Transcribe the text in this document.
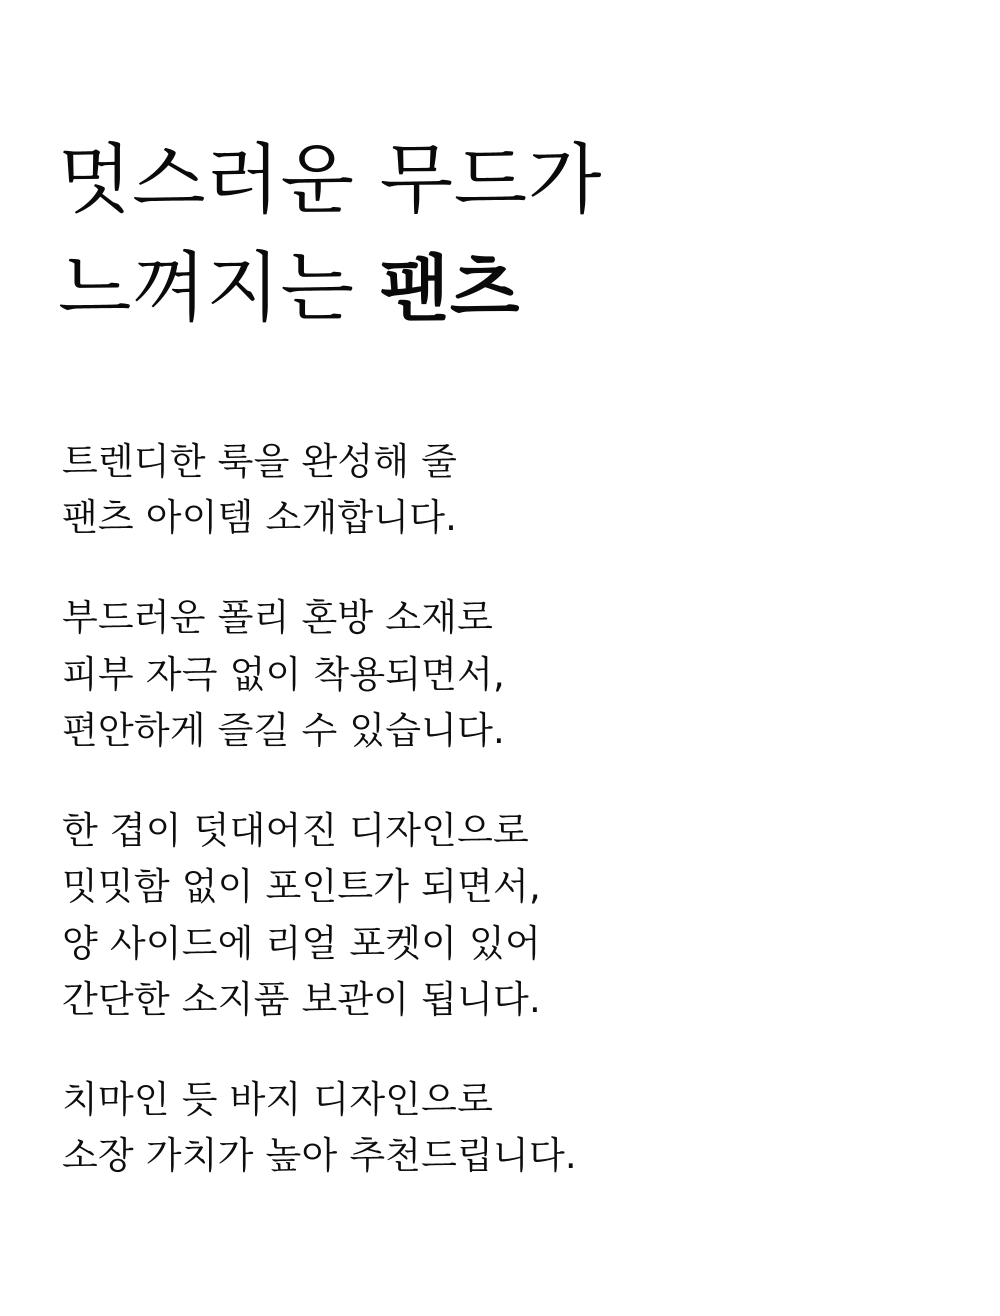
멋스러운 무드가
느껴지는 팬츠
트렌디한 룩을 완성해 줄
팬츠 아이템 소개합니다.
부드러운 폴리 혼방 소재로
피부 자극 없이 착용되면서,
편안하게 즐길 수 있습니다.
한 겹이 덧대어진 디자인으로
밋밋함 없이 포인트가 되면서,
양 사이드에 리얼 포켓이 있어
간단한 소지품 보관이 됩니다.
치마인 듯 바지 디자인으로
소장 가치가 높아 추천드립니다.
